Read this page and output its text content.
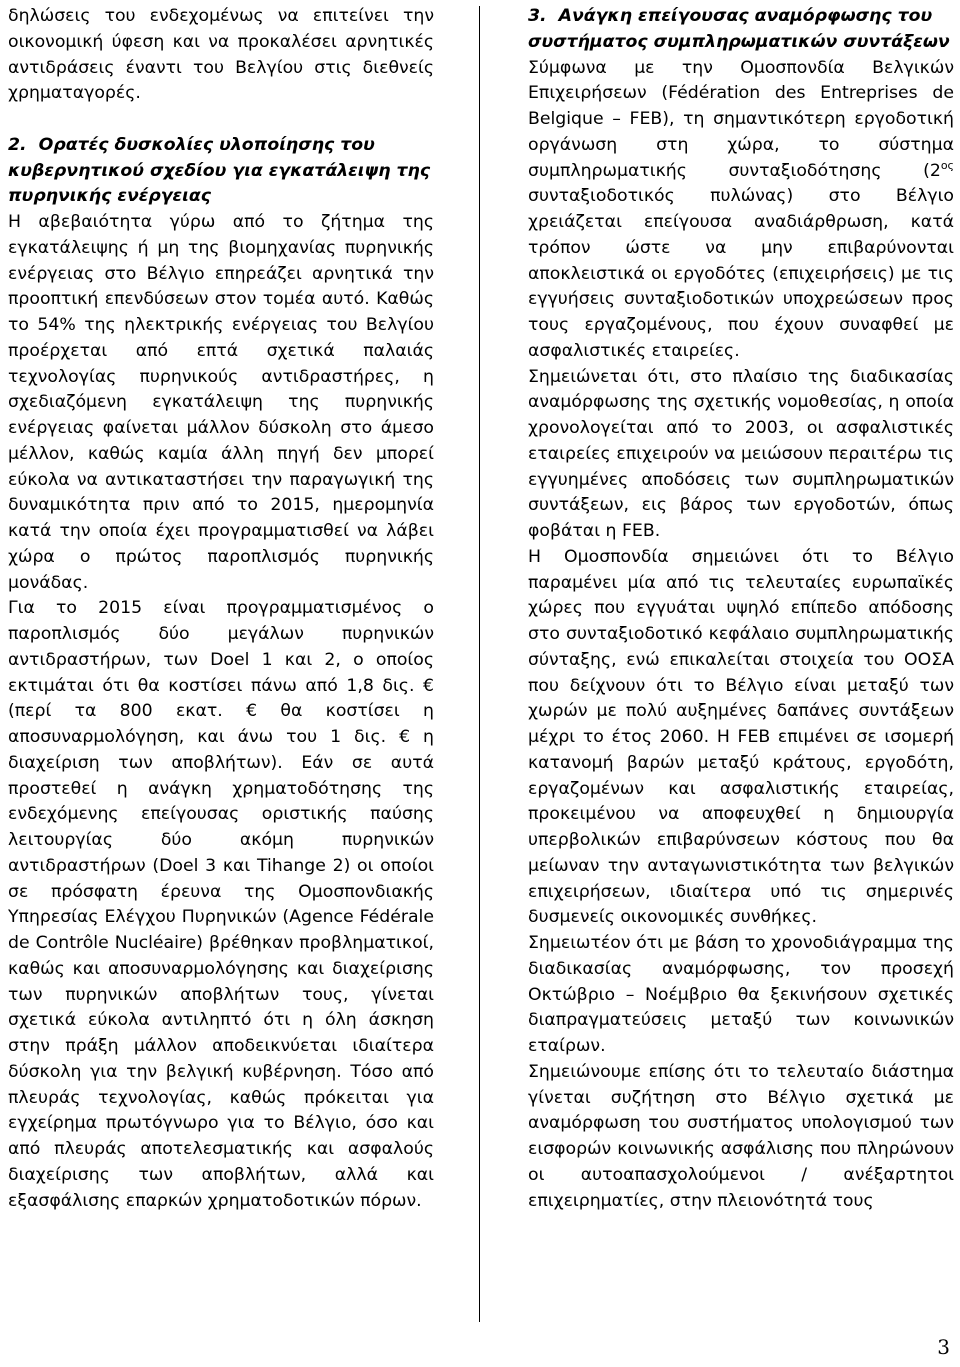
δηλώσεις του ενδεχομένως να επιτείνει την οικονομική ύφεση και να προκαλέσει αρνητικές αντιδράσεις έναντι του Βελγίου στις διεθνείς χρηματαγορές.

2. Ορατές δυσκολίες υλοποίησης του κυβερνητικού σχεδίου για εγκατάλειψη της πυρηνικής ενέργειας

Η αβεβαιότητα γύρω από το ζήτημα της εγκατάλειψης ή μη της βιομηχανίας πυρηνικής ενέργειας στο Βέλγιο επηρεάζει αρνητικά την προοπτική επενδύσεων στον τομέα αυτό. Καθώς το 54% της ηλεκτρικής ενέργειας του Βελγίου προέρχεται από επτά σχετικά παλαιάς τεχνολογίας πυρηνικούς αντιδραστήρες, η σχεδιαζόμενη εγκατάλειψη της πυρηνικής ενέργειας φαίνεται μάλλον δύσκολη στο άμεσο μέλλον, καθώς καμία άλλη πηγή δεν μπορεί εύκολα να αντικαταστήσει την παραγωγική της δυναμικότητα πριν από το 2015, ημερομηνία κατά την οποία έχει προγραμματισθεί να λάβει χώρα ο πρώτος παροπλισμός πυρηνικής μονάδας.

Για το 2015 είναι προγραμματισμένος ο παροπλισμός δύο μεγάλων πυρηνικών αντιδραστήρων, των Doel 1 και 2, ο οποίος εκτιμάται ότι θα κοστίσει πάνω από 1,8 δις. € (περί τα 800 εκατ. € θα κοστίσει η αποσυναρμολόγηση, και άνω του 1 δις. € η διαχείριση των αποβλήτων). Εάν σε αυτά προστεθεί η ανάγκη χρηματοδότησης της ενδεχόμενης επείγουσας οριστικής παύσης λειτουργίας δύο ακόμη πυρηνικών αντιδραστήρων (Doel 3 και Tihange 2) οι οποίοι σε πρόσφατη έρευνα της Ομοσπονδιακής Υπηρεσίας Ελέγχου Πυρηνικών (Agence Fédérale de Contrôle Nucléaire) βρέθηκαν προβληματικοί, καθώς και αποσυναρμολόγησης και διαχείρισης των πυρηνικών αποβλήτων τους, γίνεται σχετικά εύκολα αντιληπτό ότι η όλη άσκηση στην πράξη μάλλον αποδεικνύεται ιδιαίτερα δύσκολη για την βελγική κυβέρνηση. Τόσο από πλευράς τεχνολογίας, καθώς πρόκειται για εγχείρημα πρωτόγνωρο για το Βέλγιο, όσο και από πλευράς αποτελεσματικής και ασφαλούς διαχείρισης των αποβλήτων, αλλά και εξασφάλισης επαρκών χρηματοδοτικών πόρων.

3. Ανάγκη επείγουσας αναμόρφωσης του συστήματος συμπληρωματικών συντάξεων

Σύμφωνα με την Ομοσπονδία Βελγικών Επιχειρήσεων (Fédération des Entreprises de Belgique – FEB), τη σημαντικότερη εργοδοτική οργάνωση στη χώρα, το σύστημα συμπληρωματικής συνταξιοδότησης ($2^{o\varsigma}$ συνταξιοδοτικός πυλώνας) στο Βέλγιο χρειάζεται επείγουσα αναδιάρθρωση, κατά τρόπον ώστε να μην επιβαρύνονται αποκλειστικά οι εργοδότες (επιχειρήσεις) με τις εγγυήσεις συνταξιοδοτικών υποχρεώσεων προς τους εργαζομένους, που έχουν συναφθεί με ασφαλιστικές εταιρείες.

Σημειώνεται ότι, στο πλαίσιο της διαδικασίας αναμόρφωσης της σχετικής νομοθεσίας, η οποία χρονολογείται από το 2003, οι ασφαλιστικές εταιρείες επιχειρούν να μειώσουν περαιτέρω τις εγγυημένες αποδόσεις των συμπληρωματικών συντάξεων, εις βάρος των εργοδοτών, όπως φοβάται η FEB.

Η Ομοσπονδία σημειώνει ότι το Βέλγιο παραμένει μία από τις τελευταίες ευρωπαϊκές χώρες που εγγυάται υψηλό επίπεδο απόδοσης στο συνταξιοδοτικό κεφάλαιο συμπληρωματικής σύνταξης, ενώ επικαλείται στοιχεία του ΟΟΣΑ που δείχνουν ότι το Βέλγιο είναι μεταξύ των χωρών με πολύ αυξημένες δαπάνες συντάξεων μέχρι το έτος 2060. Η FEB επιμένει σε ισομερή κατανομή βαρών μεταξύ κράτους, εργοδότη, εργαζομένων και ασφαλιστικής εταιρείας, προκειμένου να αποφευχθεί η δημιουργία υπερβολικών επιβαρύνσεων κόστους που θα μείωναν την ανταγωνιστικότητα των βελγικών επιχειρήσεων, ιδιαίτερα υπό τις σημερινές δυσμενείς οικονομικές συνθήκες.

Σημειωτέον ότι με βάση το χρονοδιάγραμμα της διαδικασίας αναμόρφωσης, τον προσεχή Οκτώβριο – Νοέμβριο θα ξεκινήσουν σχετικές διαπραγματεύσεις μεταξύ των κοινωνικών εταίρων.

Σημειώνουμε επίσης ότι το τελευταίο διάστημα γίνεται συζήτηση στο Βέλγιο σχετικά με αναμόρφωση του συστήματος υπολογισμού των εισφορών κοινωνικής ασφάλισης που πληρώνουν οι αυτοαπασχολούμενοι / ανέξαρτητοι επιχειρηματίες, στην πλειονότητά τους

3
